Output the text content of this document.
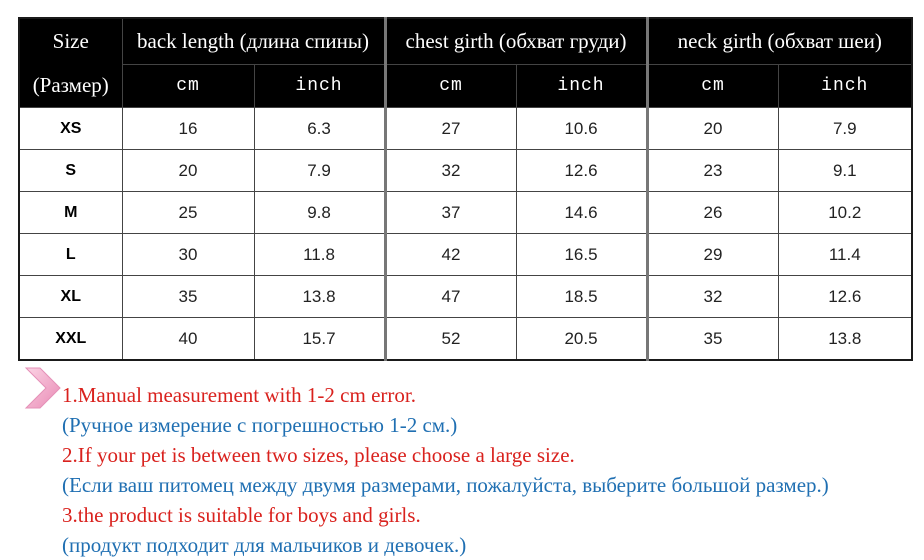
Size
(Размер)	back length (длина спины)		chest girth (обхват груди)		neck girth (обхват шеи)	
	cm	inch	cm	inch	cm	inch
XS	16	6.3	27	10.6	20	7.9
S	20	7.9	32	12.6	23	9.1
M	25	9.8	37	14.6	26	10.2
L	30	11.8	42	16.5	29	11.4
XL	35	13.8	47	18.5	32	12.6
XXL	40	15.7	52	20.5	35	13.8
1.Manual measurement with 1-2 cm error.
(Ручное измерение с погрешностью 1-2 см.)
2.If your pet is between two sizes, please choose a large size.
(Если ваш питомец между двумя размерами, пожалуйста, выберите большой размер.)
3.the product is suitable for boys and girls.
(продукт подходит для мальчиков и девочек.)
